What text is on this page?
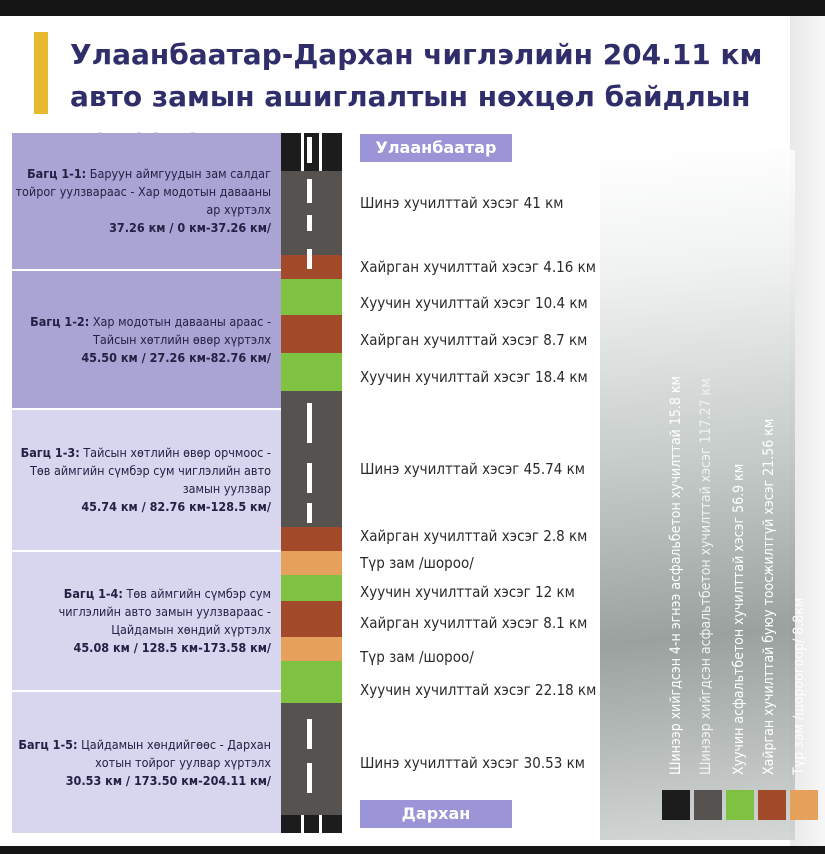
Улаанбаатар-Дархан чиглэлийн 204.11 км авто замын ашиглалтын нөхцөл байдлын
Багц 1-1: Баруун аймгуудын зам салдаг тойрог уулзвараас - Хар модотын давааны ар хүртэлх
37.26 км / 0 км-37.26 км/
Багц 1-2: Хар модотын давааны араас - Тайсын хөтлийн өвөр хүртэлх
45.50 км / 27.26 км-82.76 км/
Багц 1-3: Тайсын хөтлийн өвөр орчмоос - Төв аймгийн сүмбэр сум чиглэлийн авто замын уулзвар
45.74 км / 82.76 км-128.5 км/
Багц 1-4: Төв аймгийн сүмбэр сум чиглэлийн авто замын уулзвараас - Цайдамын хөндий хүртэлх
45.08 км / 128.5 км-173.58 км/
Багц 1-5: Цайдамын хөндийгөөс - Дархан хотын тойрог уулвар хүртэлх
30.53 км / 173.50 км-204.11 км/
Улаанбаатар
Дархан
Шинэ хучилттай хэсэг 41 км
Хайрган хучилттай хэсэг 4.16 км
Хуучин хучилттай хэсэг 10.4 км
Хайрган хучилттай хэсэг 8.7 км
Хуучин хучилттай хэсэг 18.4 км
Шинэ хучилттай хэсэг 45.74 км
Хайрган хучилттай хэсэг 2.8 км
Түр зам /шороо/
Хуучин хучилттай хэсэг 12 км
Хайрган хучилттай хэсэг 8.1 км
Түр зам /шороо/
Хуучин хучилттай хэсэг 22.18 км
Шинэ хучилттай хэсэг 30.53 км	Шинээр хийгдсэн 4-н эгнээ асфальбетон хучилттай 15.8 км Шинээр хийгдсэн асфальтбетон хучилттай хэсэг 117.27 км Хуучин асфальтбетон хучилттай хэсэг 56.9 км Хайрган хучилттай буюу тоосжилтгүй хэсэг 21.56 км Түр зам /шороогоор/ 8.8км
